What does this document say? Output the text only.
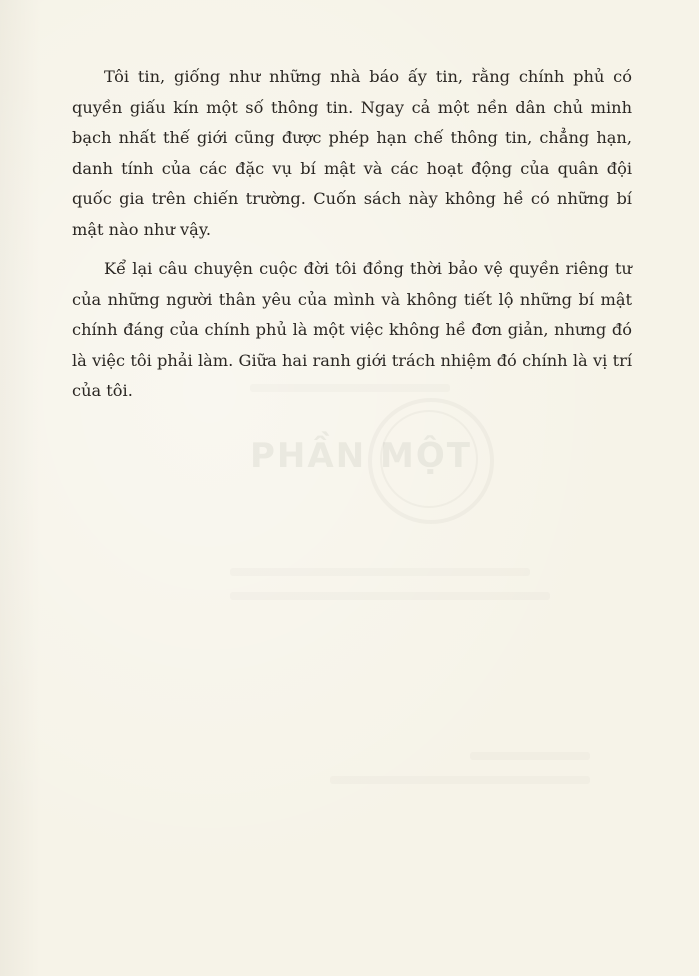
PHẦN MỘT

Tôi tin, giống như những nhà báo ấy tin, rằng chính phủ có quyền giấu kín một số thông tin. Ngay cả một nền dân chủ minh bạch nhất thế giới cũng được phép hạn chế thông tin, chẳng hạn, danh tính của các đặc vụ bí mật và các hoạt động của quân đội quốc gia trên chiến trường. Cuốn sách này không hề có những bí mật nào như vậy.

Kể lại câu chuyện cuộc đời tôi đồng thời bảo vệ quyền riêng tư của những người thân yêu của mình và không tiết lộ những bí mật chính đáng của chính phủ là một việc không hề đơn giản, nhưng đó là việc tôi phải làm. Giữa hai ranh giới trách nhiệm đó chính là vị trí của tôi.
